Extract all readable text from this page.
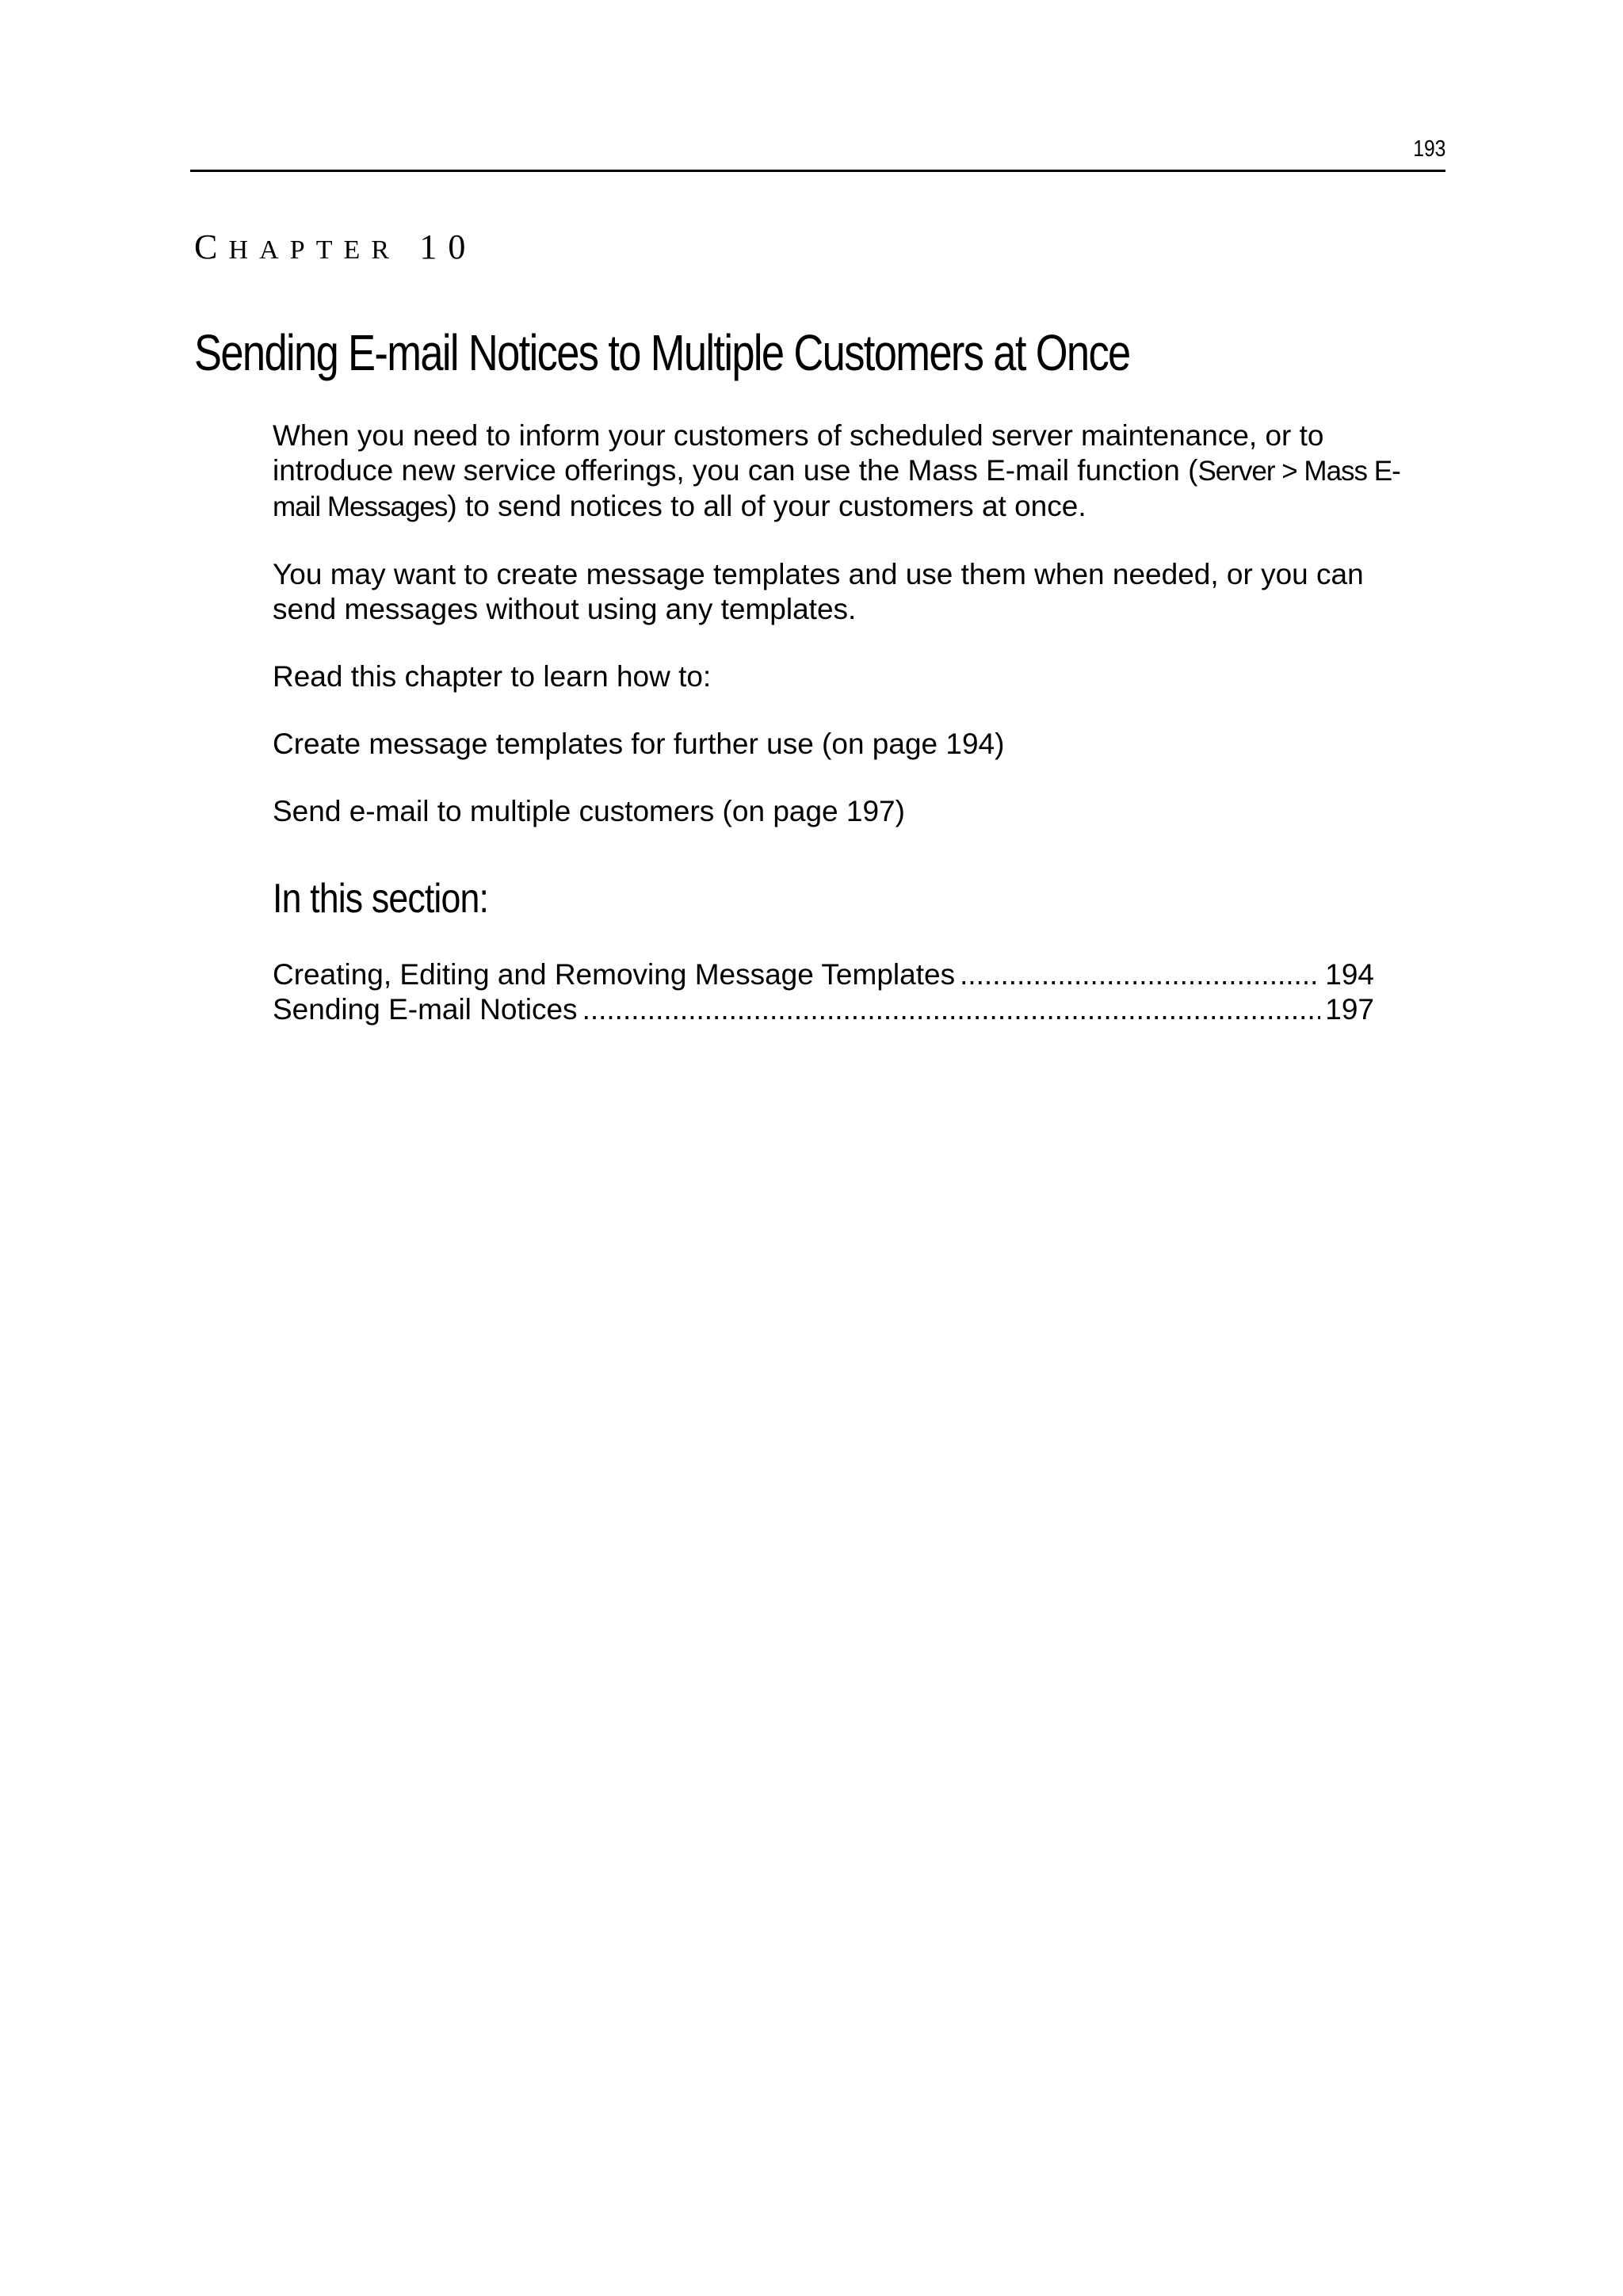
193
CHAPTER 10
Sending E-mail Notices to Multiple Customers at Once

When you need to inform your customers of scheduled server maintenance, or to introduce new service offerings, you can use the Mass E-mail function (Server > Mass E-mail Messages) to send notices to all of your customers at once.

You may want to create message templates and use them when needed, or you can send messages without using any templates.

Read this chapter to learn how to:

Create message templates for further use (on page 194)

Send e-mail to multiple customers (on page 197)

In this section:
Creating, Editing and Removing Message Templates .....	194
Sending E-mail Notices .....	197
